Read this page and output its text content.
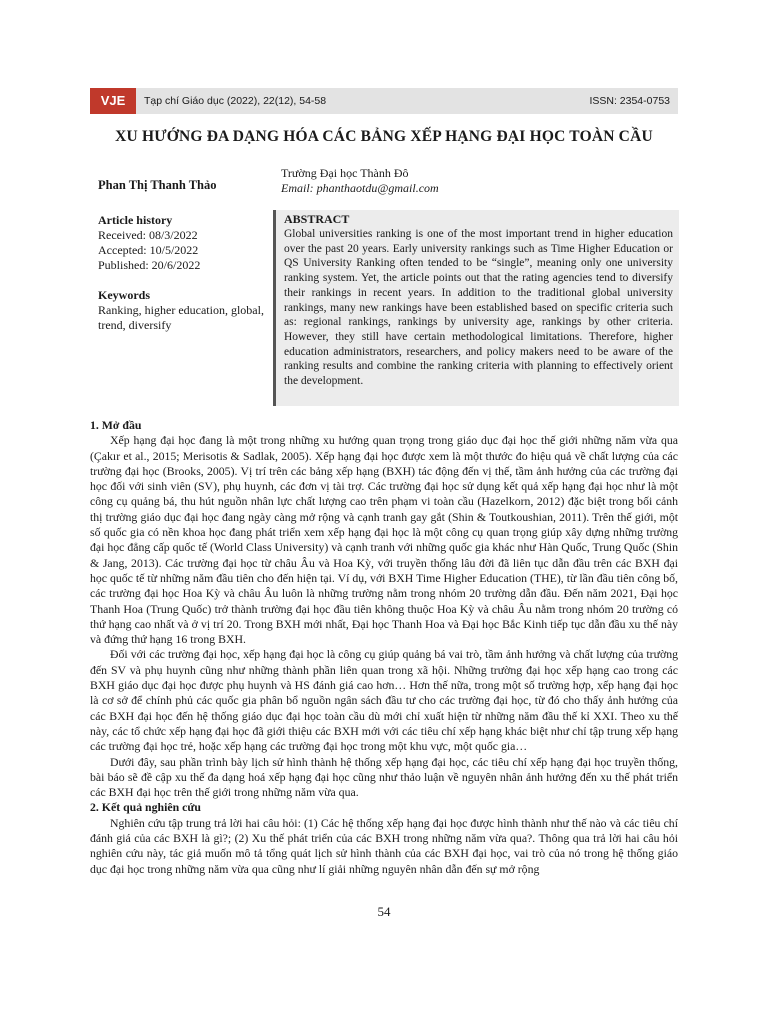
VJE	Tạp chí Giáo dục (2022), 22(12), 54-58	ISSN: 2354-0753
XU HƯỚNG ĐA DẠNG HÓA CÁC BẢNG XẾP HẠNG ĐẠI HỌC TOÀN CẦU
Phan Thị Thanh Thảo
Trường Đại học Thành Đô
Email: phanthaotdu@gmail.com
Article history
Received: 08/3/2022
Accepted: 10/5/2022
Published: 20/6/2022
Keywords
Ranking, higher education, global, trend, diversify
ABSTRACT
Global universities ranking is one of the most important trend in higher education over the past 20 years. Early university rankings such as Time Higher Education or QS University Ranking often tended to be “single”, meaning only one university ranking system. Yet, the article points out that the rating agencies tend to diversify their rankings in recent years. In addition to the traditional global university rankings, many new rankings have been established based on specific criteria such as: regional rankings, rankings by university age, rankings by other criteria. However, they still have certain methodological limitations. Therefore, higher education administrators, researchers, and policy makers need to be aware of the ranking results and combine the ranking criteria with planning to effectively orient the development.
1. Mở đầu

Xếp hạng đại học đang là một trong những xu hướng quan trọng trong giáo dục đại học thế giới những năm vừa qua (Çakır et al., 2015; Merisotis & Sadlak, 2005). Xếp hạng đại học được xem là một thước đo hiệu quả về chất lượng của các trường đại học (Brooks, 2005). Vị trí trên các bảng xếp hạng (BXH) tác động đến vị thế, tầm ảnh hưởng của các trường đại học đối với sinh viên (SV), phụ huynh, các đơn vị tài trợ. Các trường đại học sử dụng kết quả xếp hạng đại học như là một công cụ quảng bá, thu hút nguồn nhân lực chất lượng cao trên phạm vi toàn cầu (Hazelkorn, 2012) đặc biệt trong bối cảnh thị trường giáo dục đại học đang ngày càng mở rộng và cạnh tranh gay gắt (Shin & Toutkoushian, 2011). Trên thế giới, một số quốc gia có nền khoa học đang phát triển xem xếp hạng đại học là một công cụ quan trọng giúp xây dựng những trường đại học đẳng cấp quốc tế (World Class University) và cạnh tranh với những quốc gia khác như Hàn Quốc, Trung Quốc (Shin & Jang, 2013). Các trường đại học từ châu Âu và Hoa Kỳ, với truyền thống lâu đời đã liên tục dẫn đầu trên các BXH đại học quốc tế từ những năm đầu tiên cho đến hiện tại. Ví dụ, với BXH Time Higher Education (THE), từ lần đầu tiên công bố, các trường đại học Hoa Kỳ và châu Âu luôn là những trường nằm trong nhóm 20 trường dẫn đầu. Đến năm 2021, Đại học Thanh Hoa (Trung Quốc) trở thành trường đại học đầu tiên không thuộc Hoa Kỳ và châu Âu nằm trong nhóm 20 trường có thứ hạng cao nhất và ở vị trí 20. Trong BXH mới nhất, Đại học Thanh Hoa và Đại học Bắc Kinh tiếp tục dẫn đầu xu thế này và đứng thứ hạng 16 trong BXH.

Đối với các trường đại học, xếp hạng đại học là công cụ giúp quảng bá vai trò, tầm ảnh hưởng và chất lượng của trường đến SV và phụ huynh cũng như những thành phần liên quan trong xã hội. Những trường đại học xếp hạng cao trong các BXH giáo dục đại học được phụ huynh và HS đánh giá cao hơn… Hơn thế nữa, trong một số trường hợp, xếp hạng đại học là cơ sở để chính phủ các quốc gia phân bổ nguồn ngân sách đầu tư cho các trường đại học, từ đó cho thấy ảnh hưởng của các BXH đại học đến hệ thống giáo dục đại học toàn cầu dù mới chỉ xuất hiện từ những năm đầu thế kỉ XXI. Theo xu thế này, các tổ chức xếp hạng đại học đã giới thiệu các BXH mới với các tiêu chí xếp hạng khác biệt như chỉ tập trung xếp hạng các trường đại học trẻ, hoặc xếp hạng các trường đại học trong một khu vực, một quốc gia…

Dưới đây, sau phần trình bày lịch sử hình thành hệ thống xếp hạng đại học, các tiêu chí xếp hạng đại học truyền thống, bài báo sẽ đề cập xu thế đa dạng hoá xếp hạng đại học cũng như thảo luận về nguyên nhân ảnh hưởng đến xu thế phát triển các BXH đại học trên thế giới trong những năm vừa qua.

2. Kết quả nghiên cứu

Nghiên cứu tập trung trả lời hai câu hỏi: (1) Các hệ thống xếp hạng đại học được hình thành như thế nào và các tiêu chí đánh giá của các BXH là gì?; (2) Xu thế phát triển của các BXH trong những năm vừa qua?. Thông qua trả lời hai câu hỏi nghiên cứu này, tác giả muốn mô tả tổng quát lịch sử hình thành của các BXH đại học, vai trò của nó trong hệ thống giáo dục đại học trong những năm vừa qua cũng như lí giải những nguyên nhân dẫn đến sự mở rộng

54
